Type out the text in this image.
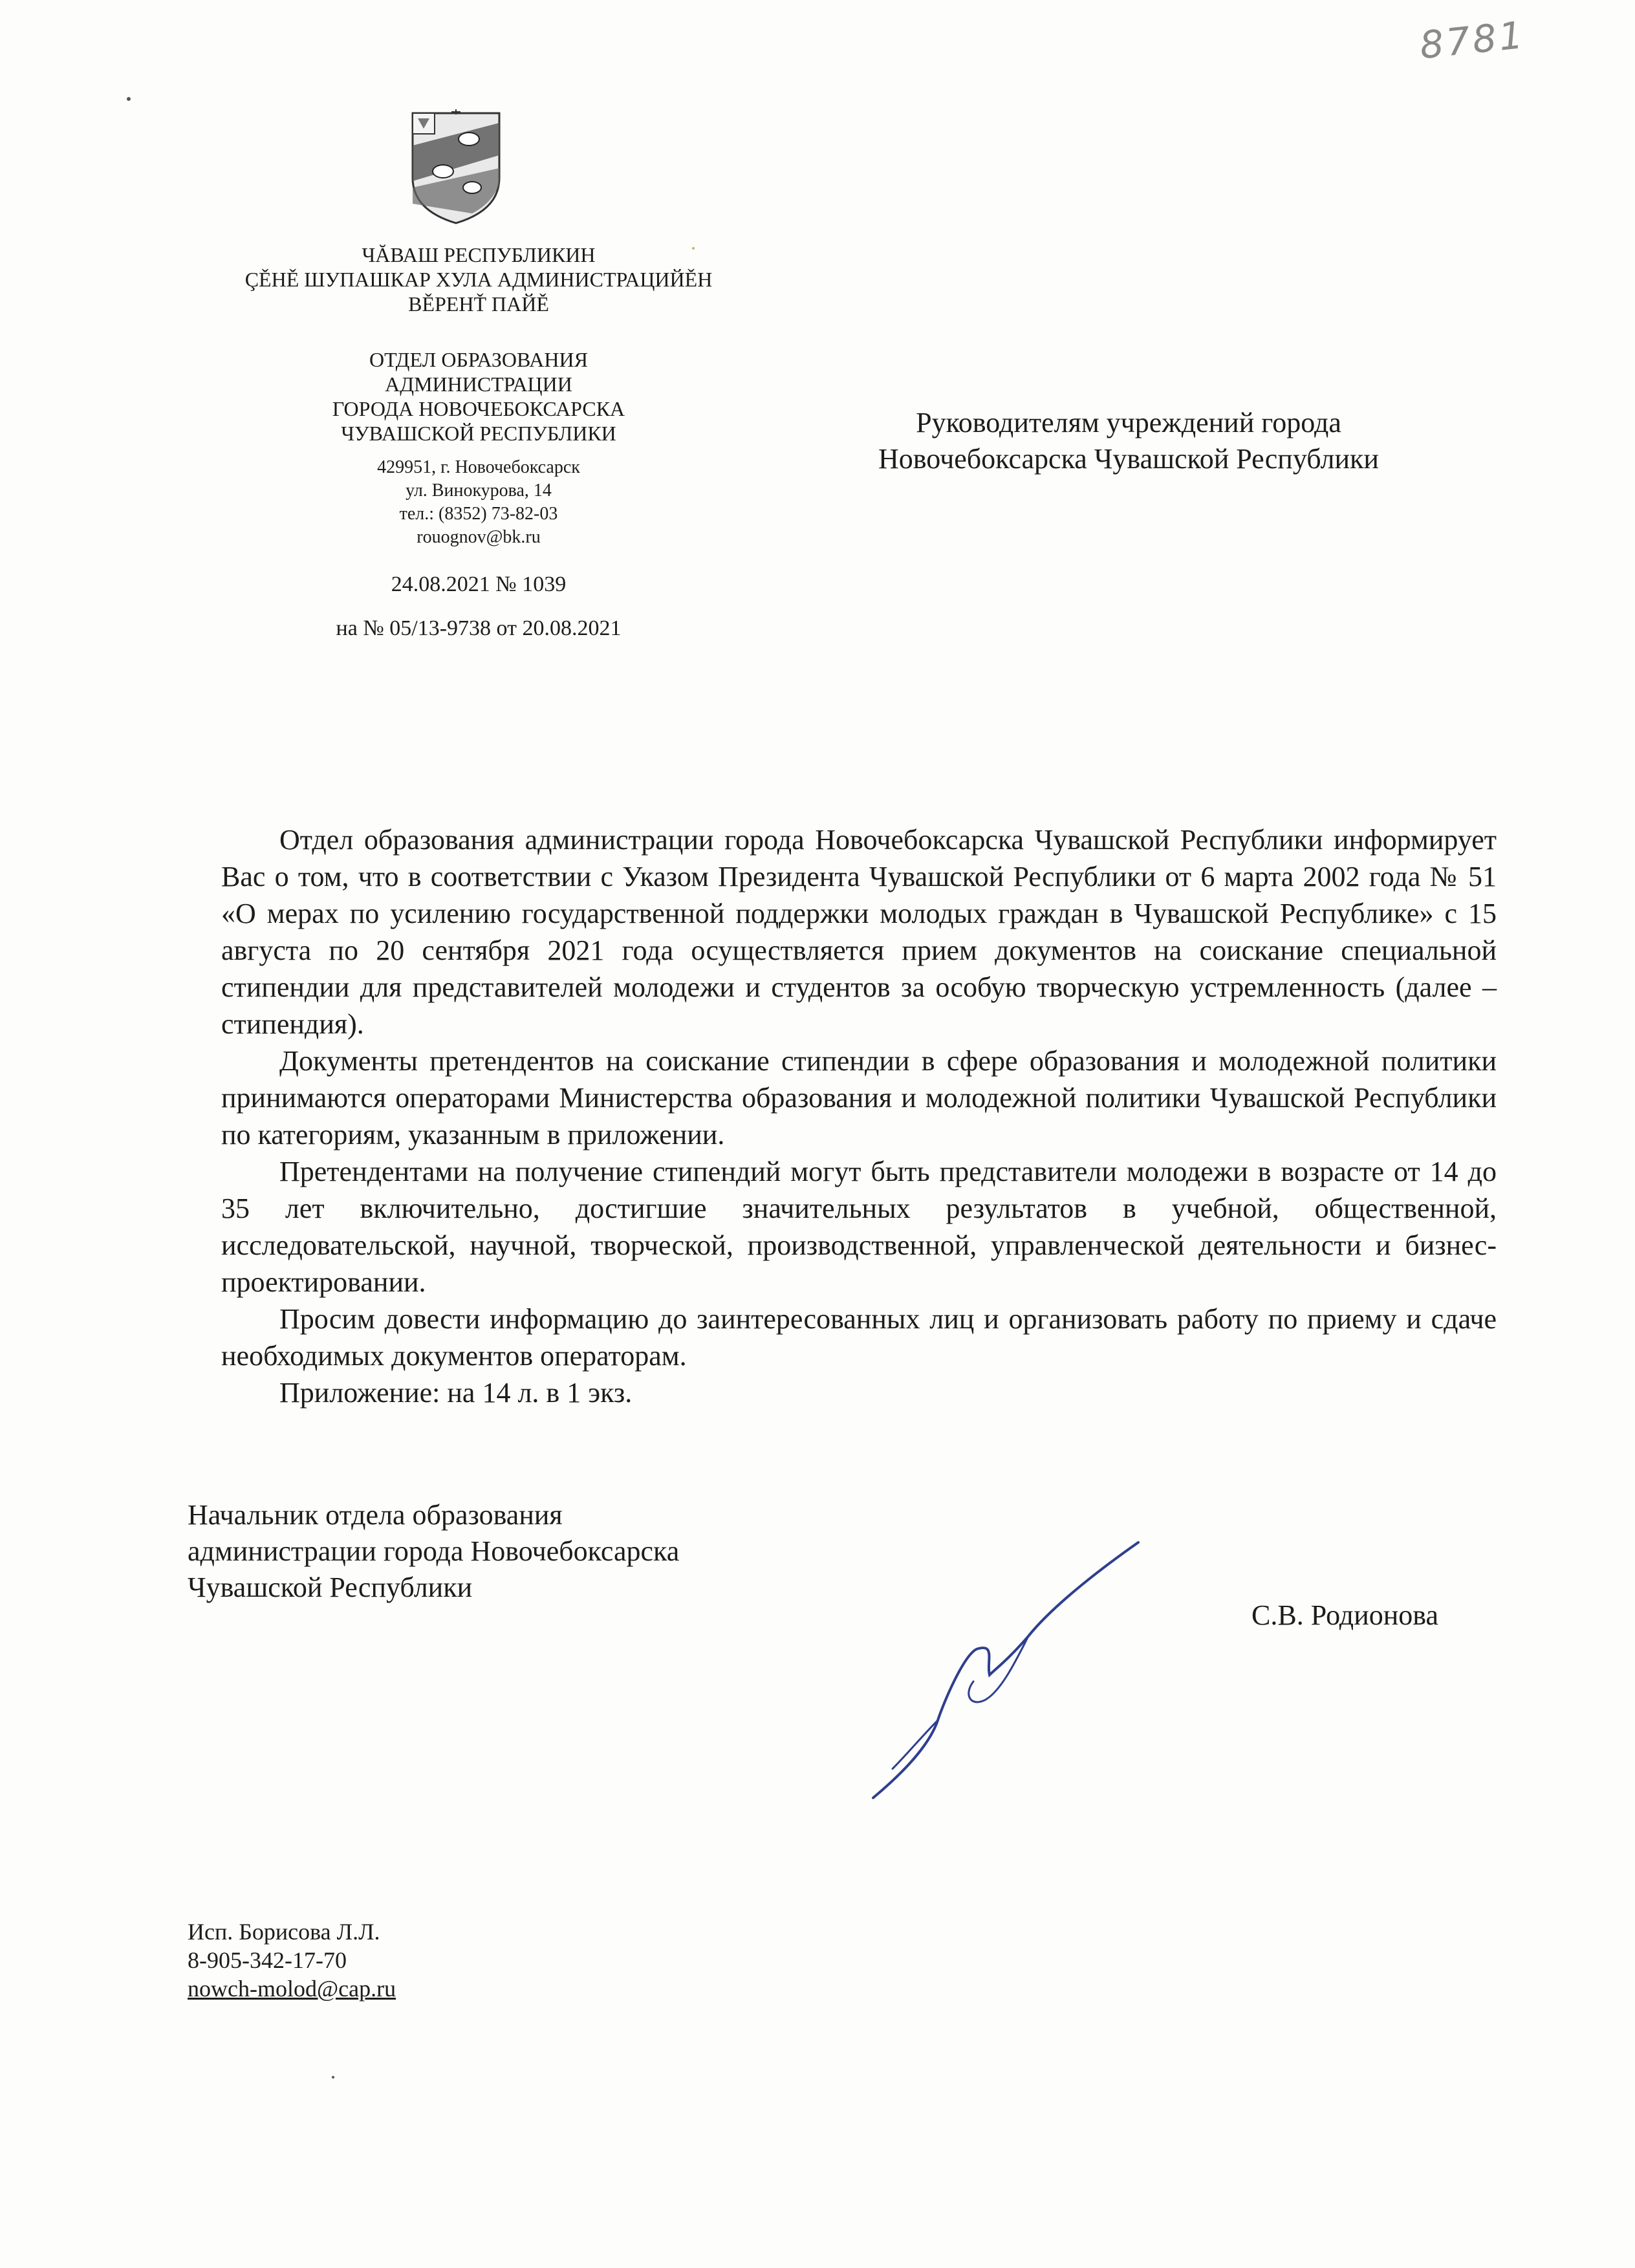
8781
ЧĂВАШ РЕСПУБЛИКИН
ÇĚНĚ ШУПАШКАР ХУЛА АДМИНИСТРАЦИЙĚН
ВĚРЕНŤ ПАЙĚ
ОТДЕЛ ОБРАЗОВАНИЯ
АДМИНИСТРАЦИИ
ГОРОДА НОВОЧЕБОКСАРСКА
ЧУВАШСКОЙ РЕСПУБЛИКИ
429951, г. Новочебоксарск
ул. Винокурова, 14
тел.: (8352) 73-82-03
rouognov@bk.ru
24.08.2021 № 1039
на № 05/13-9738 от 20.08.2021
Руководителям учреждений города
Новочебоксарска Чувашской Республики

Отдел образования администрации города Новочебоксарска Чувашской Республики информирует Вас о том, что в соответствии с Указом Президента Чувашской Республики от 6 марта 2002 года № 51 «О мерах по усилению государственной поддержки молодых граждан в Чувашской Республике» с 15 августа по 20 сентября 2021 года осуществляется прием документов на соискание специальной стипендии для представителей молодежи и студентов за особую творческую устремленность (далее – стипендия).

Документы претендентов на соискание стипендии в сфере образования и молодежной политики принимаются операторами Министерства образования и молодежной политики Чувашской Республики по категориям, указанным в приложении.

Претендентами на получение стипендий могут быть представители молодежи в возрасте от 14 до 35 лет включительно, достигшие значительных результатов в учебной, общественной, исследовательской, научной, творческой, производственной, управленческой деятельности и бизнес-проектировании.

Просим довести информацию до заинтересованных лиц и организовать работу по приему и сдаче необходимых документов операторам.

Приложение: на 14 л. в 1 экз.

Начальник отдела образования
администрации города Новочебоксарска
Чувашской Республики
С.В. Родионова
Исп. Борисова Л.Л.
8-905-342-17-70
nowch-molod@cap.ru
